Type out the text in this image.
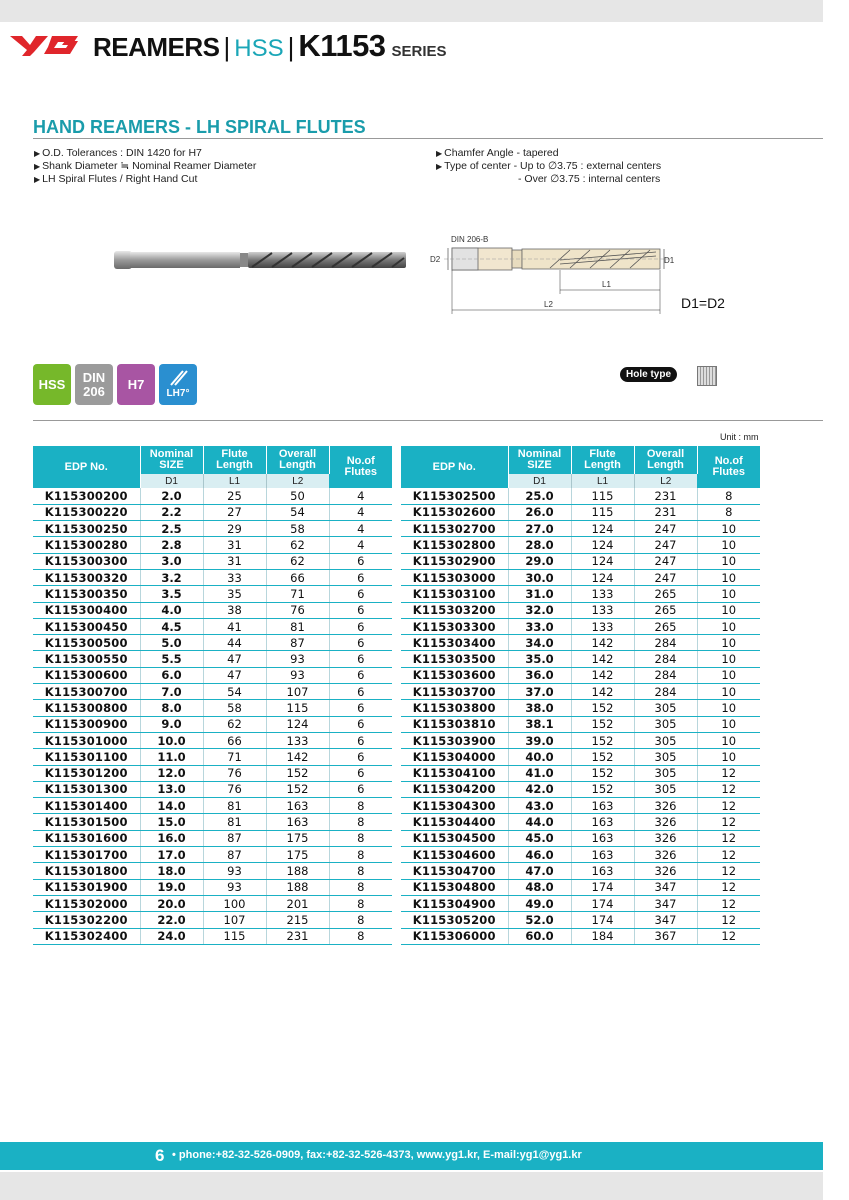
REAMERS | HSS | K1153 SERIES
HAND REAMERS - LH SPIRAL FLUTES
▶ O.D. Tolerances : DIN 1420 for H7
▶ Shank Diameter ≒ Nominal Reamer Diameter
▶ LH Spiral Flutes / Right Hand Cut
▶ Chamfer Angle - tapered
▶ Type of center - Up to ∅3.75 : external centers
- Over ∅3.75 : internal centers
DIN 206-B
D2	D1
L1
L2	D1=D2
HSS	DIN
206	H7
LH7°
Hole type
Unit : mm
EDP No.	Nominal SIZE	Flute Length	Overall Length	No.of Flutes
	D1	L1	L2	
K115300200	2.0	25	50	4
K115300220	2.2	27	54	4
K115300250	2.5	29	58	4
K115300280	2.8	31	62	4
K115300300	3.0	31	62	6
K115300320	3.2	33	66	6
K115300350	3.5	35	71	6
K115300400	4.0	38	76	6
K115300450	4.5	41	81	6
K115300500	5.0	44	87	6
K115300550	5.5	47	93	6
K115300600	6.0	47	93	6
K115300700	7.0	54	107	6
K115300800	8.0	58	115	6
K115300900	9.0	62	124	6
K115301000	10.0	66	133	6
K115301100	11.0	71	142	6
K115301200	12.0	76	152	6
K115301300	13.0	76	152	6
K115301400	14.0	81	163	8
K115301500	15.0	81	163	8
K115301600	16.0	87	175	8
K115301700	17.0	87	175	8
K115301800	18.0	93	188	8
K115301900	19.0	93	188	8
K115302000	20.0	100	201	8
K115302200	22.0	107	215	8
K115302400	24.0	115	231	8
EDP No.	Nominal SIZE	Flute Length	Overall Length	No.of Flutes
	D1	L1	L2	
K115302500	25.0	115	231	8
K115302600	26.0	115	231	8
K115302700	27.0	124	247	10
K115302800	28.0	124	247	10
K115302900	29.0	124	247	10
K115303000	30.0	124	247	10
K115303100	31.0	133	265	10
K115303200	32.0	133	265	10
K115303300	33.0	133	265	10
K115303400	34.0	142	284	10
K115303500	35.0	142	284	10
K115303600	36.0	142	284	10
K115303700	37.0	142	284	10
K115303800	38.0	152	305	10
K115303810	38.1	152	305	10
K115303900	39.0	152	305	10
K115304000	40.0	152	305	10
K115304100	41.0	152	305	12
K115304200	42.0	152	305	12
K115304300	43.0	163	326	12
K115304400	44.0	163	326	12
K115304500	45.0	163	326	12
K115304600	46.0	163	326	12
K115304700	47.0	163	326	12
K115304800	48.0	174	347	12
K115304900	49.0	174	347	12
K115305200	52.0	174	347	12
K115306000	60.0	184	367	12
6 • phone:+82-32-526-0909, fax:+82-32-526-4373, www.yg1.kr, E-mail:yg1@yg1.kr
